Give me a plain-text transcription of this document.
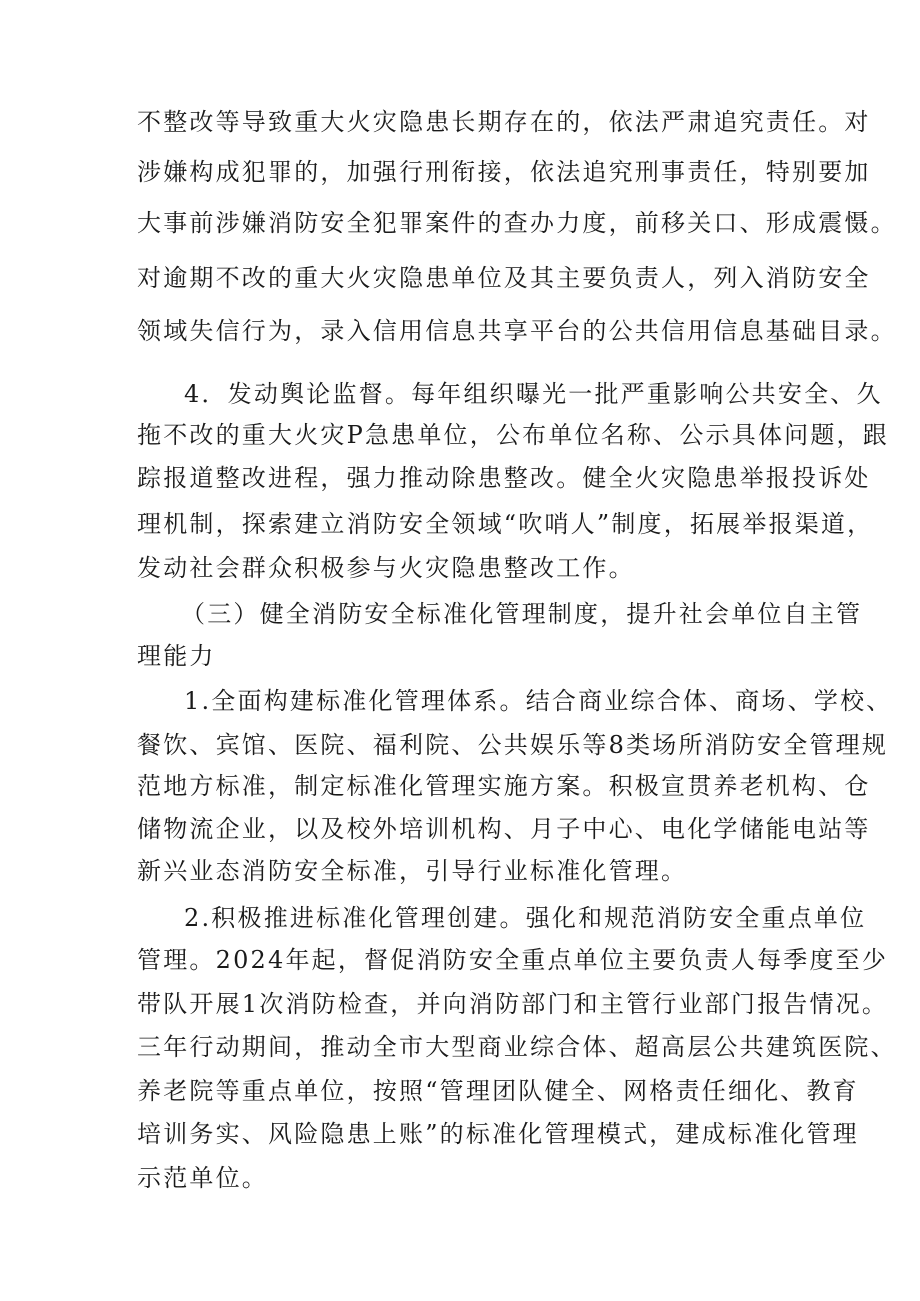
不整改等导致重大火灾隐患长期存在的，依法严肃追究责任。对
涉嫌构成犯罪的，加强行刑衔接，依法追究刑事责任，特别要加
大事前涉嫌消防安全犯罪案件的查办力度，前移关口、形成震慑。
对逾期不改的重大火灾隐患单位及其主要负责人，列入消防安全
领域失信行为，录入信用信息共享平台的公共信用信息基础目录。
4．发动舆论监督。每年组织曝光一批严重影响公共安全、久
拖不改的重大火灾P急患单位，公布单位名称、公示具体问题，跟
踪报道整改进程，强力推动除患整改。健全火灾隐患举报投诉处
理机制，探索建立消防安全领域“吹哨人”制度，拓展举报渠道，
发动社会群众积极参与火灾隐患整改工作。
（三）健全消防安全标准化管理制度，提升社会单位自主管
理能力
1.全面构建标准化管理体系。结合商业综合体、商场、学校、
餐饮、宾馆、医院、福利院、公共娱乐等8类场所消防安全管理规
范地方标准，制定标准化管理实施方案。积极宣贯养老机构、仓
储物流企业，以及校外培训机构、月子中心、电化学储能电站等
新兴业态消防安全标准，引导行业标准化管理。
2.积极推进标准化管理创建。强化和规范消防安全重点单位
管理。2024年起，督促消防安全重点单位主要负责人每季度至少
带队开展1次消防检查，并向消防部门和主管行业部门报告情况。
三年行动期间，推动全市大型商业综合体、超高层公共建筑医院、
养老院等重点单位，按照“管理团队健全、网格责任细化、教育
培训务实、风险隐患上账”的标准化管理模式，建成标准化管理
示范单位。
